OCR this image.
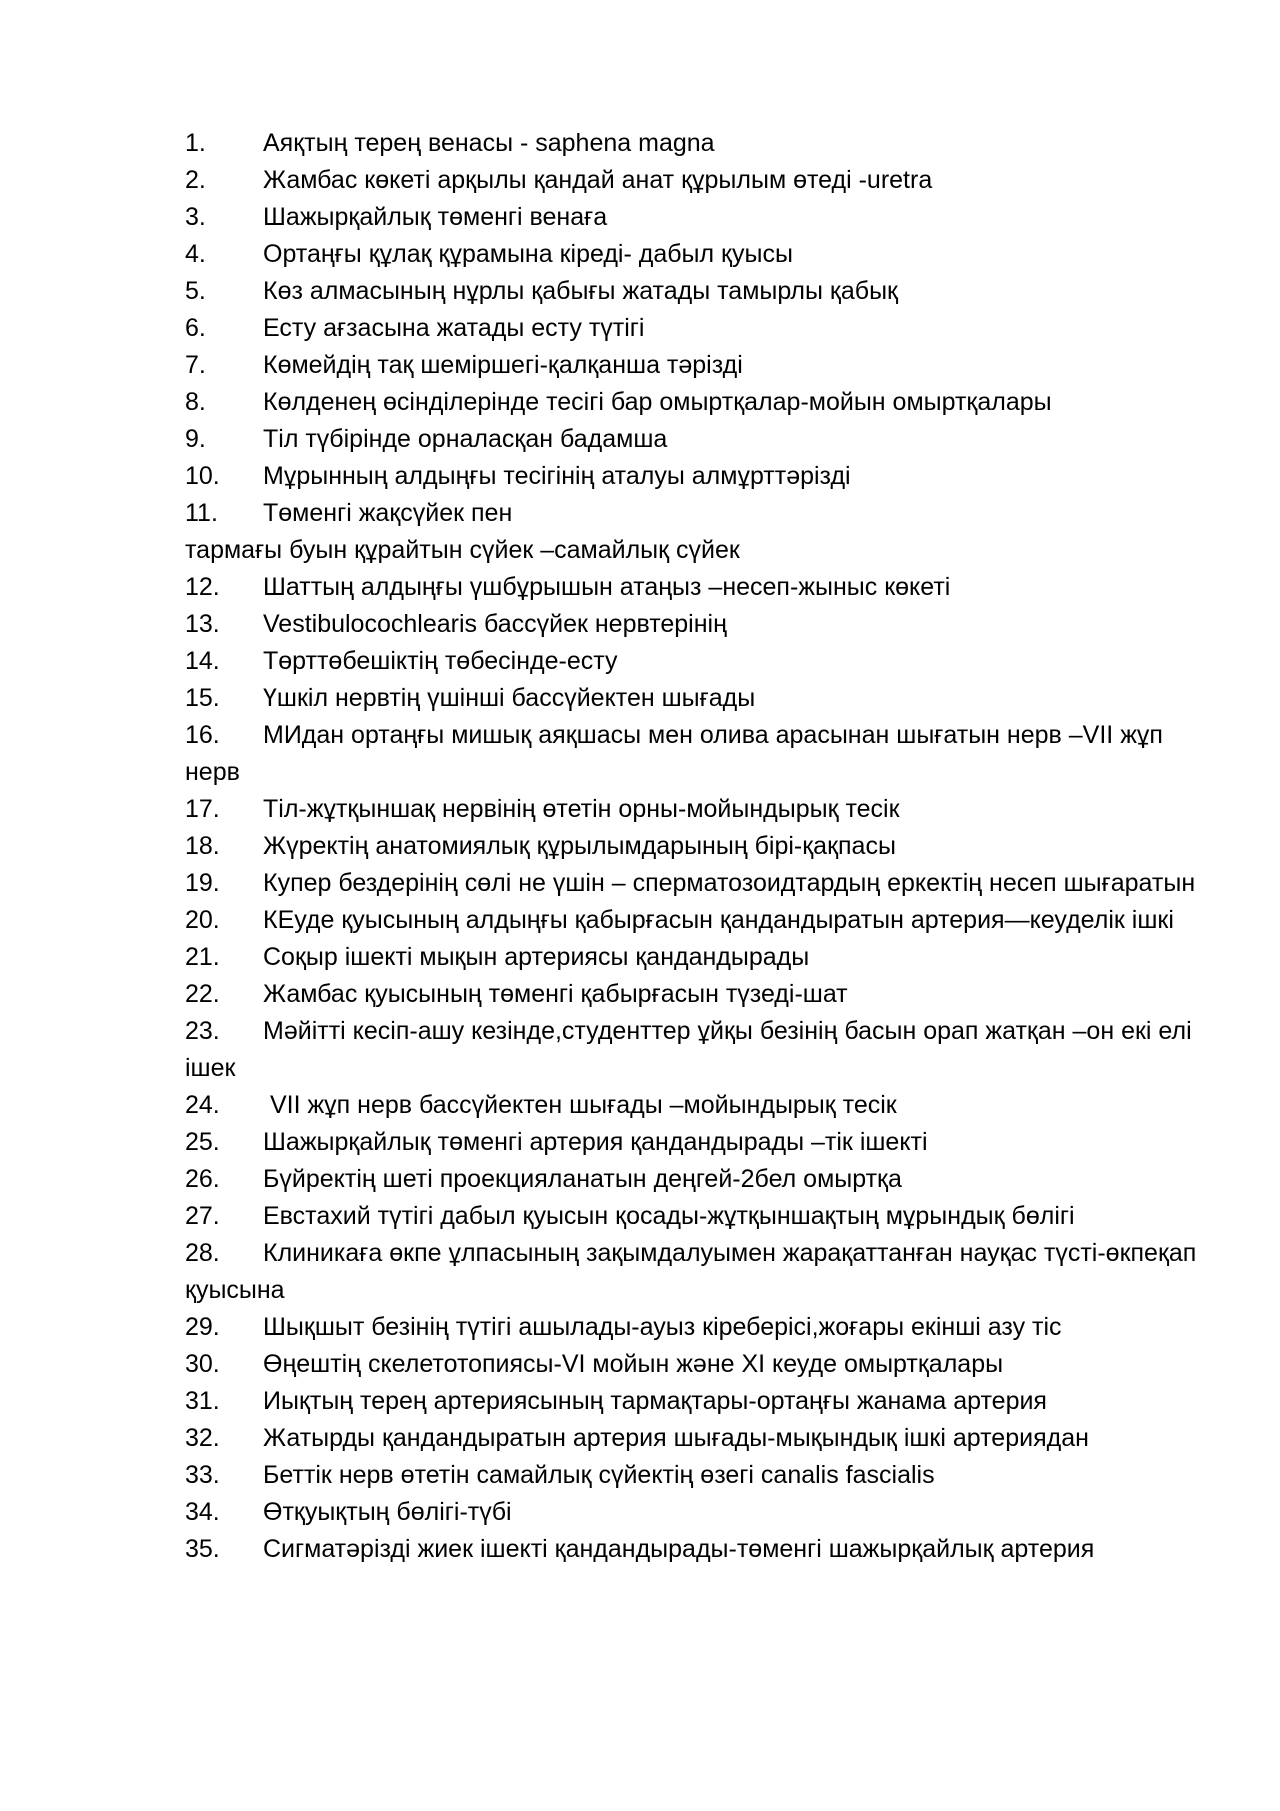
1. Аяқтың терең венасы - saphena magna
2. Жамбас көкеті арқылы қандай анат құрылым өтеді -uretra
3. Шажырқайлық төменгі венаға
4. Ортаңғы құлақ құрамына кіреді- дабыл қуысы
5. Көз алмасының нұрлы қабығы жатады тамырлы қабық
6. Есту ағзасына жатады есту түтігі
7. Көмейдің тақ шеміршегі-қалқанша тәрізді
8. Көлденең өсінділерінде тесігі бар омыртқалар-мойын омыртқалары
9. Тіл түбірінде орналасқан бадамша
10. Мұрынның алдыңғы тесігінің аталуы алмұрттәрізді
11. Төменгі жақсүйек пен
тармағы буын құрайтын сүйек –самайлық сүйек
12. Шаттың алдыңғы үшбұрышын атаңыз –несеп-жыныс көкеті
13. Vestibulocochlearis бассүйек нервтерінің
14. Төрттөбешіктің төбесінде-есту
15. Үшкіл нервтің үшінші бассүйектен шығады
16. МИдан ортаңғы мишық аяқшасы мен олива арасынан шығатын нерв –VІІ жұп нерв
17. Тіл-жұтқыншақ нервінің өтетін орны-мойындырық тесік
18. Жүректің анатомиялық құрылымдарының бірі-қақпасы
19. Купер бездерінің сөлі не үшін – сперматозоидтардың еркектің несеп шығаратын
20. КЕуде қуысының алдыңғы қабырғасын қандандыратын артерия—кеуделік ішкі
21. Соқыр ішекті мықын артериясы қандандырады
22. Жамбас қуысының төменгі қабырғасын түзеді-шат
23. Мәйітті кесіп-ашу кезінде,студенттер ұйқы безінің басын орап жатқан –он екі елі ішек
24. VІІ жұп нерв бассүйектен шығады –мойындырық тесік
25. Шажырқайлық төменгі артерия қандандырады –тік ішекті
26. Бүйректің шеті проекцияланатын деңгей-2бел омыртқа
27. Евстахий түтігі дабыл қуысын қосады-жұтқыншақтың мұрындық бөлігі
28. Клиникаға өкпе ұлпасының зақымдалуымен жарақаттанған науқас түсті-өкпеқап қуысына
29. Шықшыт безінің түтігі ашылады-ауыз кіреберісі,жоғары екінші азу тіс
30. Өңештің скелетотопиясы-VІ мойын және XІ кеуде омыртқалары
31. Иықтың терең артериясының тармақтары-ортаңғы жанама артерия
32. Жатырды қандандыратын артерия шығады-мықындық ішкі артериядан
33. Беттік нерв өтетін самайлық сүйектің өзегі canalis fascialis
34. Өтқуықтың бөлігі-түбі
35. Сигматәрізді жиек ішекті қандандырады-төменгі шажырқайлық артерия
